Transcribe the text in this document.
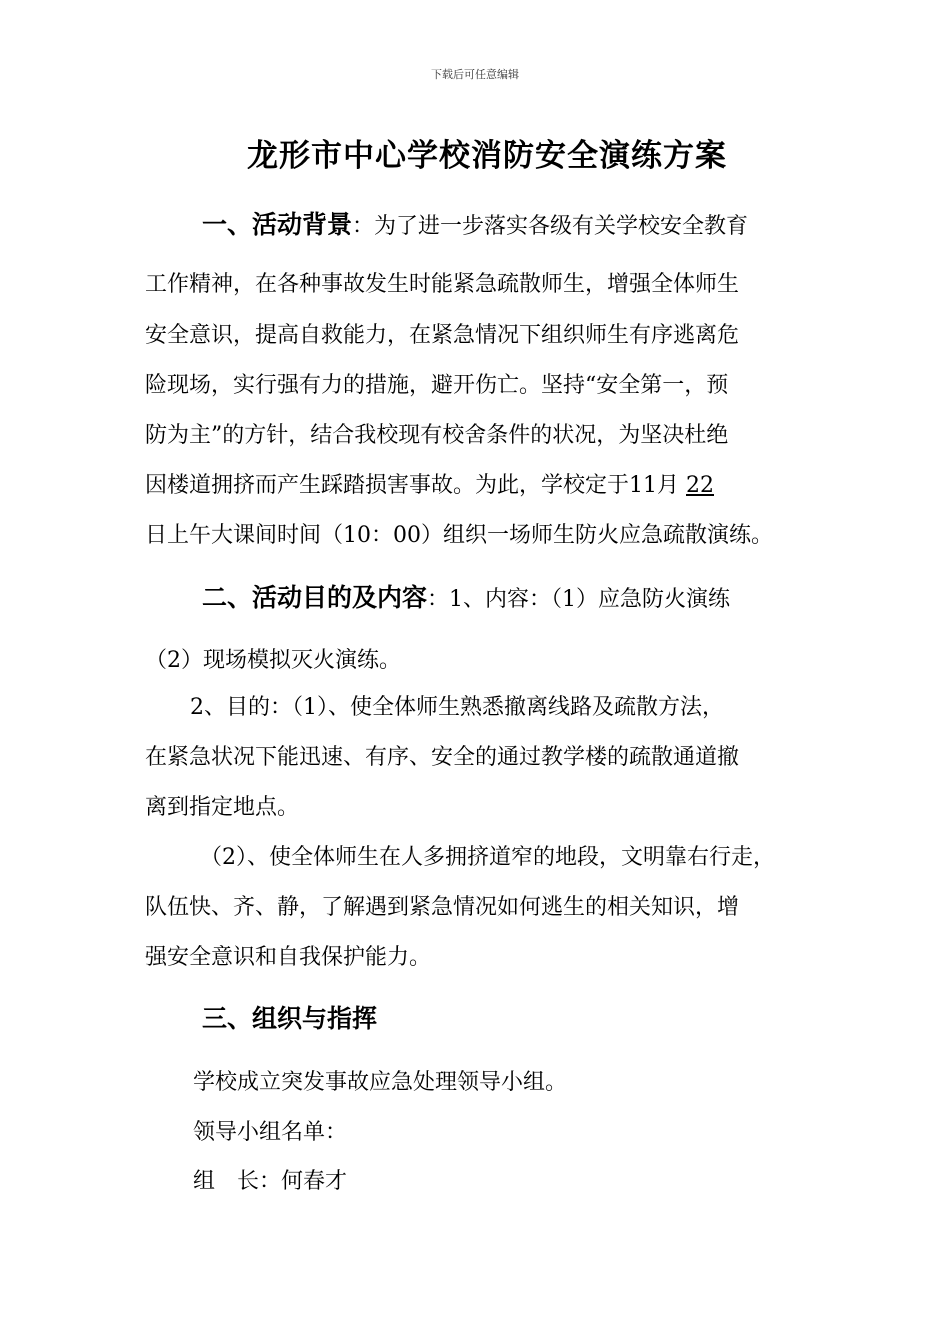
下载后可任意编辑
龙形市中心学校消防安全演练方案
一、活动背景：为了进一步落实各级有关学校安全教育
工作精神，在各种事故发生时能紧急疏散师生，增强全体师生
安全意识，提高自救能力，在紧急情况下组织师生有序逃离危
险现场，实行强有力的措施，避开伤亡。坚持“安全第一，预
防为主”的方针，结合我校现有校舍条件的状况，为坚决杜绝
因楼道拥挤而产生踩踏损害事故。为此，学校定于11月 22
日上午大课间时间（10：00）组织一场师生防火应急疏散演练。
二、活动目的及内容：1、内容：（1）应急防火演练
（2）现场模拟灭火演练。
2、目的：（1）、使全体师生熟悉撤离线路及疏散方法，
在紧急状况下能迅速、有序、安全的通过教学楼的疏散通道撤
离到指定地点。
（2）、使全体师生在人多拥挤道窄的地段，文明靠右行走，
队伍快、齐、静，了解遇到紧急情况如何逃生的相关知识，增
强安全意识和自我保护能力。
三、组织与指挥
学校成立突发事故应急处理领导小组。
领导小组名单：
组　长：何春才
